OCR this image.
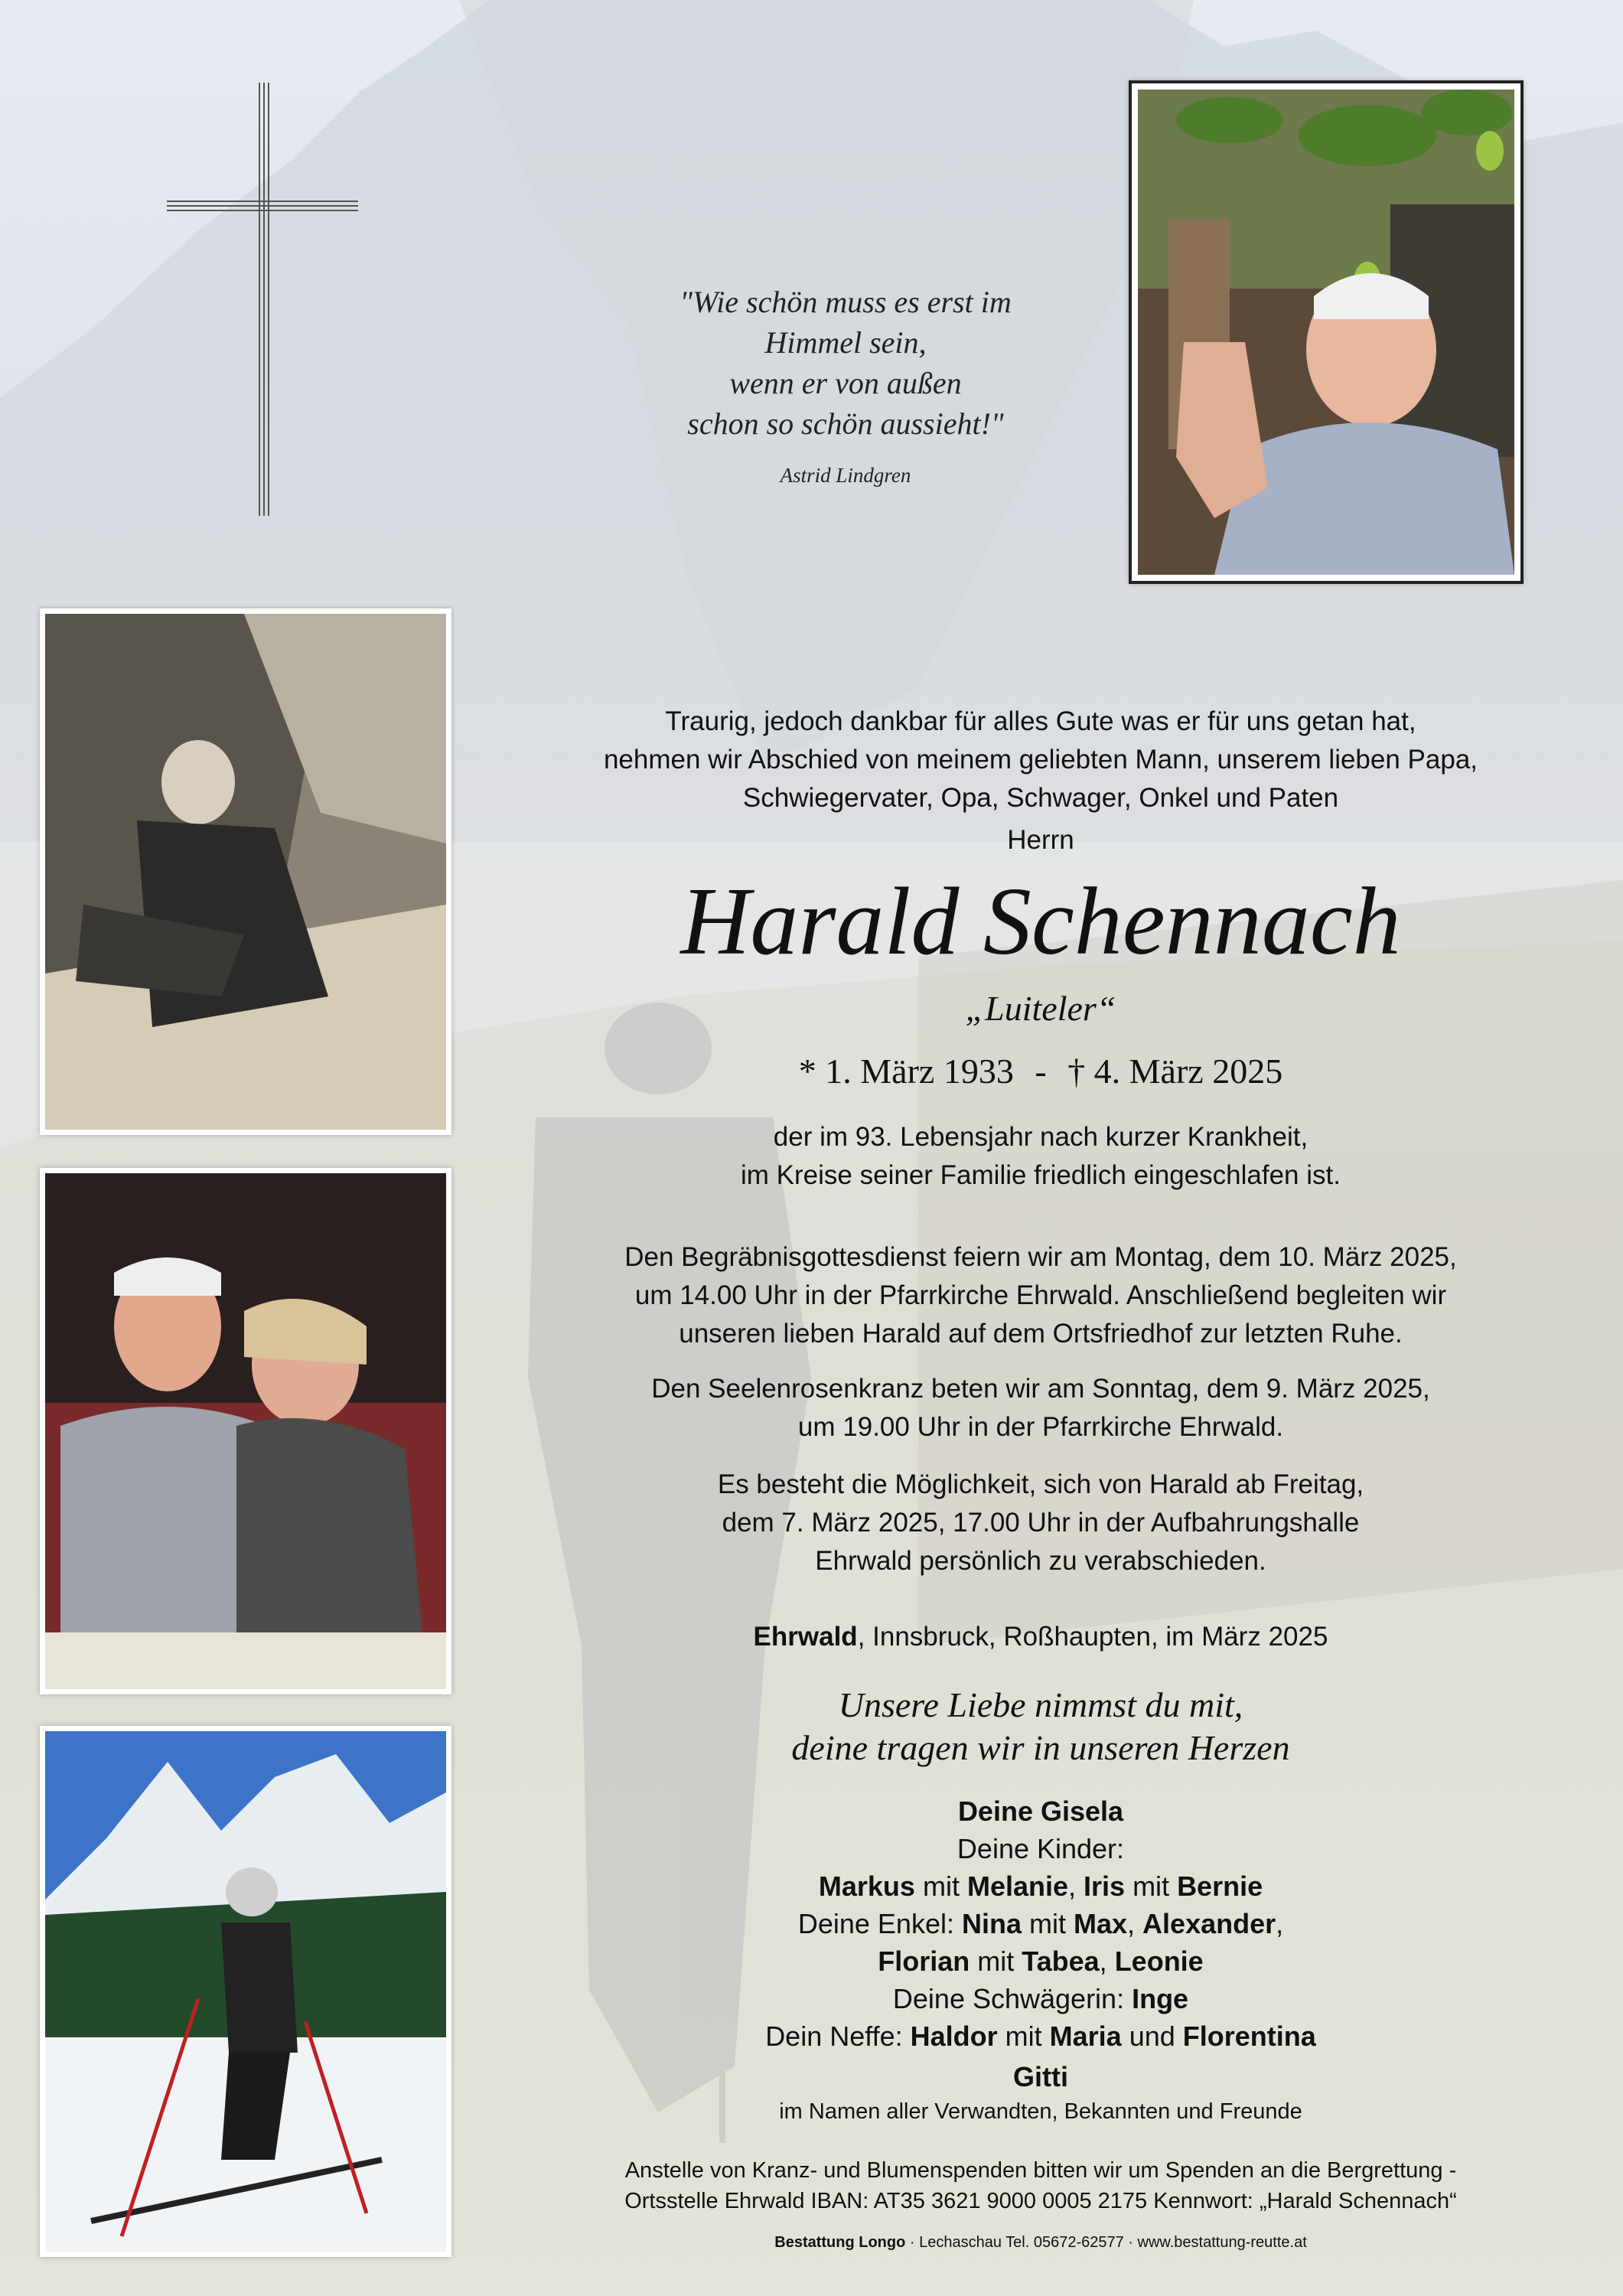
"Wie schön muss es erst im
Himmel sein,
wenn er von außen
schon so schön aussieht!"
Astrid Lindgren
Traurig, jedoch dankbar für alles Gute was er für uns getan hat,
nehmen wir Abschied von meinem geliebten Mann, unserem lieben Papa,
Schwiegervater, Opa, Schwager, Onkel und Paten
Herrn
Harald Schennach
„Luiteler“
* 1. März 1933 - † 4. März 2025
der im 93. Lebensjahr nach kurzer Krankheit,
im Kreise seiner Familie friedlich eingeschlafen ist.
Den Begräbnisgottesdienst feiern wir am Montag, dem 10. März 2025,
um 14.00 Uhr in der Pfarrkirche Ehrwald. Anschließend begleiten wir
unseren lieben Harald auf dem Ortsfriedhof zur letzten Ruhe.
Den Seelenrosenkranz beten wir am Sonntag, dem 9. März 2025,
um 19.00 Uhr in der Pfarrkirche Ehrwald.
Es besteht die Möglichkeit, sich von Harald ab Freitag,
dem 7. März 2025, 17.00 Uhr in der Aufbahrungshalle
Ehrwald persönlich zu verabschieden.
Ehrwald, Innsbruck, Roßhaupten, im März 2025
Unsere Liebe nimmst du mit,
deine tragen wir in unseren Herzen
Deine Gisela
Deine Kinder:
Markus mit Melanie, Iris mit Bernie
Deine Enkel: Nina mit Max, Alexander,
Florian mit Tabea, Leonie
Deine Schwägerin: Inge
Dein Neffe: Haldor mit Maria und Florentina
Gitti
im Namen aller Verwandten, Bekannten und Freunde
Anstelle von Kranz- und Blumenspenden bitten wir um Spenden an die Bergrettung -
Ortsstelle Ehrwald IBAN: AT35 3621 9000 0005 2175 Kennwort: „Harald Schennach“
Bestattung Longo · Lechaschau Tel. 05672-62577 · www.bestattung-reutte.at
